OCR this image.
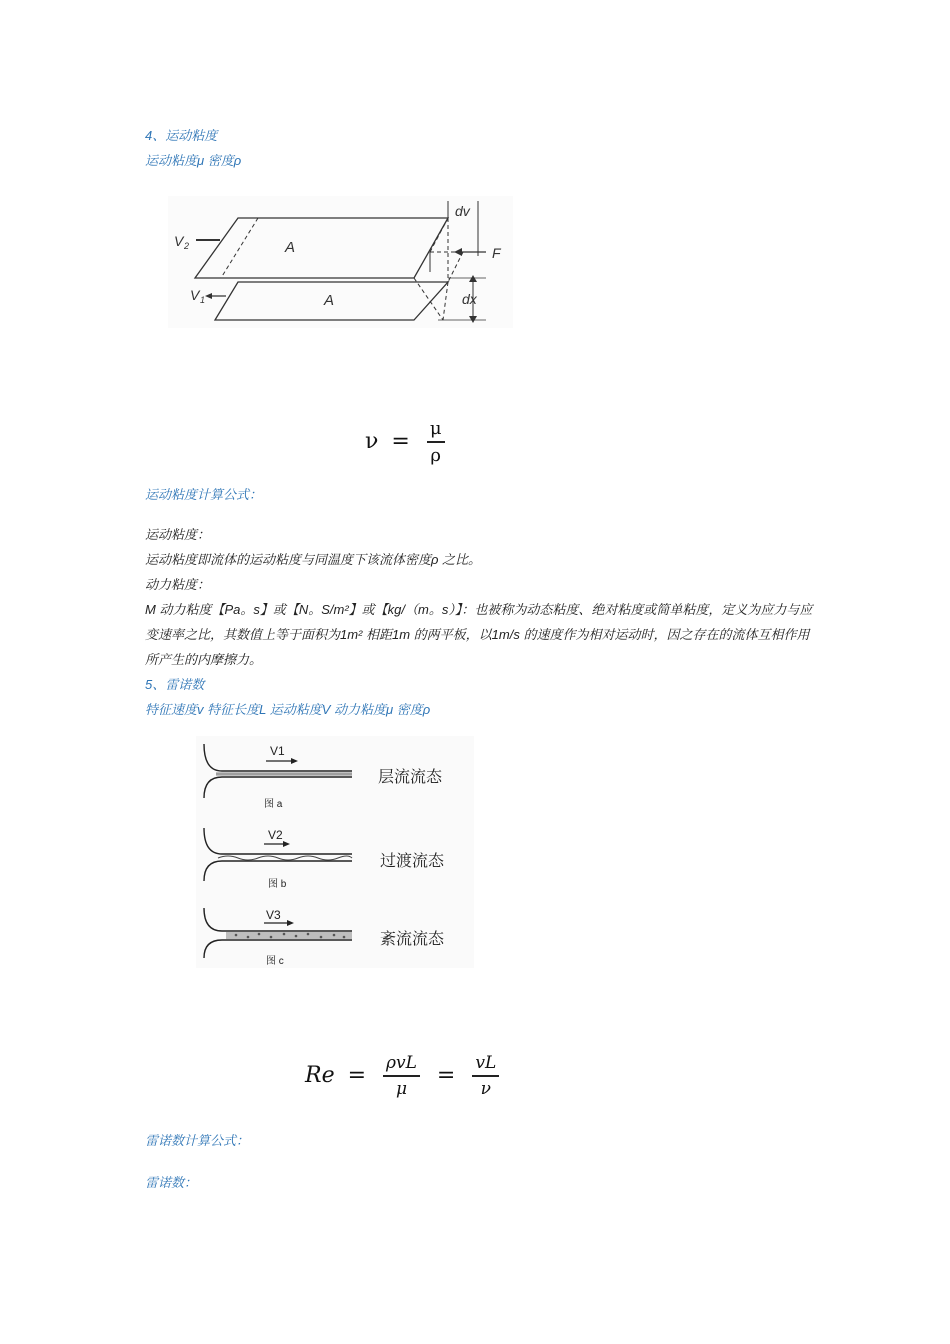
4、运动粘度
运动粘度μ 密度ρ
V 2
V 1
A
A
dv
F
dx
$\nu = \frac{\mu}{\rho}$
运动粘度计算公式：
运动粘度：
运动粘度即流体的运动粘度与同温度下该流体密度ρ 之比。
动力粘度：
M 动力粘度【Pa。s】或【N。S/m²】或【kg/（m。s）】：也被称为动态粘度、绝对粘度或简单粘度，定义为应力与应变速率之比，其数值上等于面积为1m² 相距1m 的两平板，以1m/s 的速度作为相对运动时，因之存在的流体互相作用所产生的内摩擦力。
5、雷诺数
特征速度v 特征长度L 运动粘度V 动力粘度μ 密度ρ
V1
层流流态
图 a
V2
过渡流态
图 b
V3
紊流流态
图 c
$Re = \frac{\text{ρvL}}{\mu} = \frac{vL}{\nu}$
雷诺数计算公式：
雷诺数：
